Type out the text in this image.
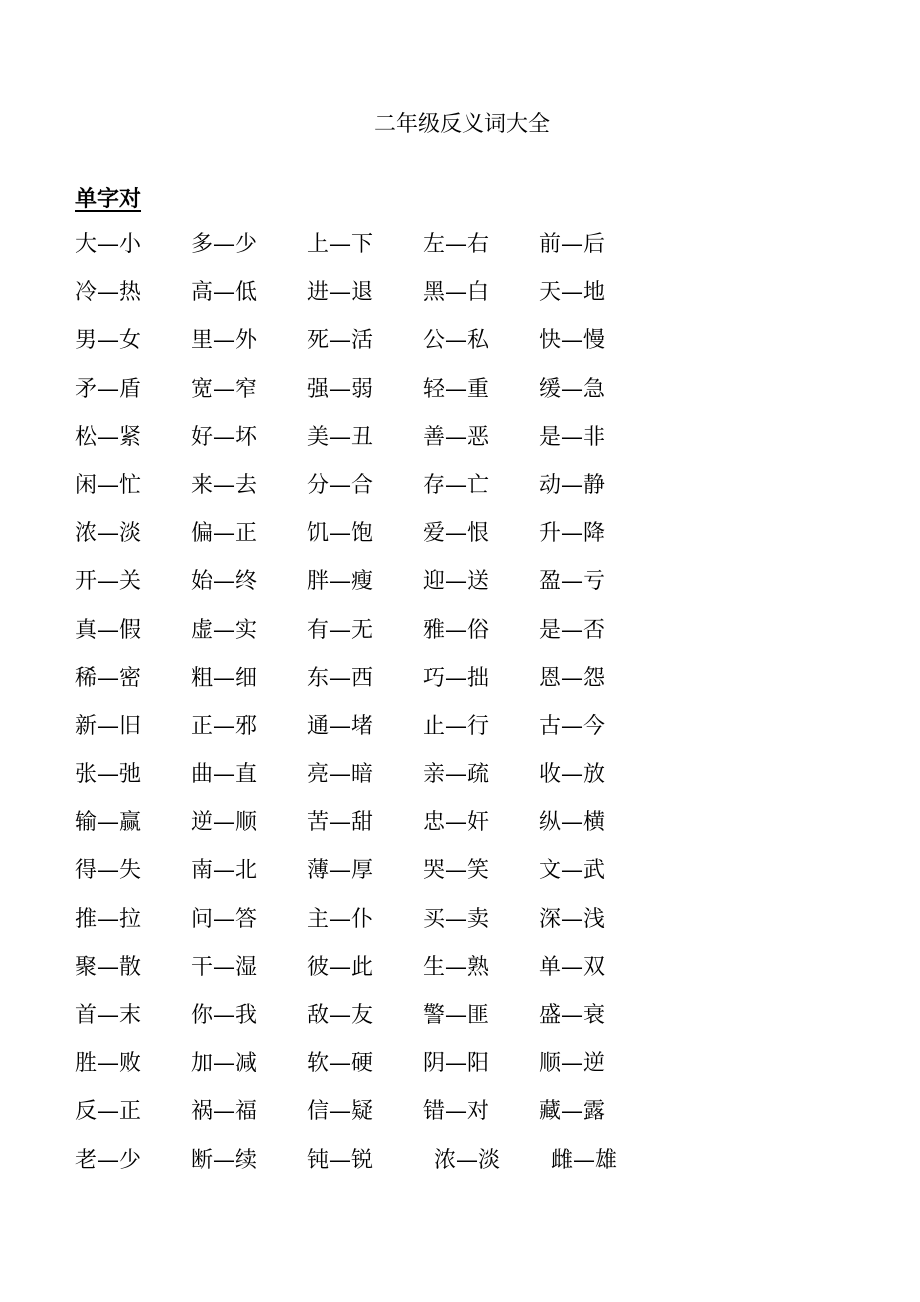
二年级反义词大全
单字对
大—小 多—少 上—下 左—右 前—后
冷—热 高—低 进—退 黑—白 天—地
男—女 里—外 死—活 公—私 快—慢
矛—盾 宽—窄 强—弱 轻—重 缓—急
松—紧 好—坏 美—丑 善—恶 是—非
闲—忙 来—去 分—合 存—亡 动—静
浓—淡 偏—正 饥—饱 爱—恨 升—降
开—关 始—终 胖—瘦 迎—送 盈—亏
真—假 虚—实 有—无 雅—俗 是—否
稀—密 粗—细 东—西 巧—拙 恩—怨
新—旧 正—邪 通—堵 止—行 古—今
张—弛 曲—直 亮—暗 亲—疏 收—放
输—赢 逆—顺 苦—甜 忠—奸 纵—横
得—失 南—北 薄—厚 哭—笑 文—武
推—拉 问—答 主—仆 买—卖 深—浅
聚—散 干—湿 彼—此 生—熟 单—双
首—末 你—我 敌—友 警—匪 盛—衰
胜—败 加—减 软—硬 阴—阳 顺—逆
反—正 祸—福 信—疑 错—对 藏—露
老—少 断—续 钝—锐	浓—淡 雌—雄
